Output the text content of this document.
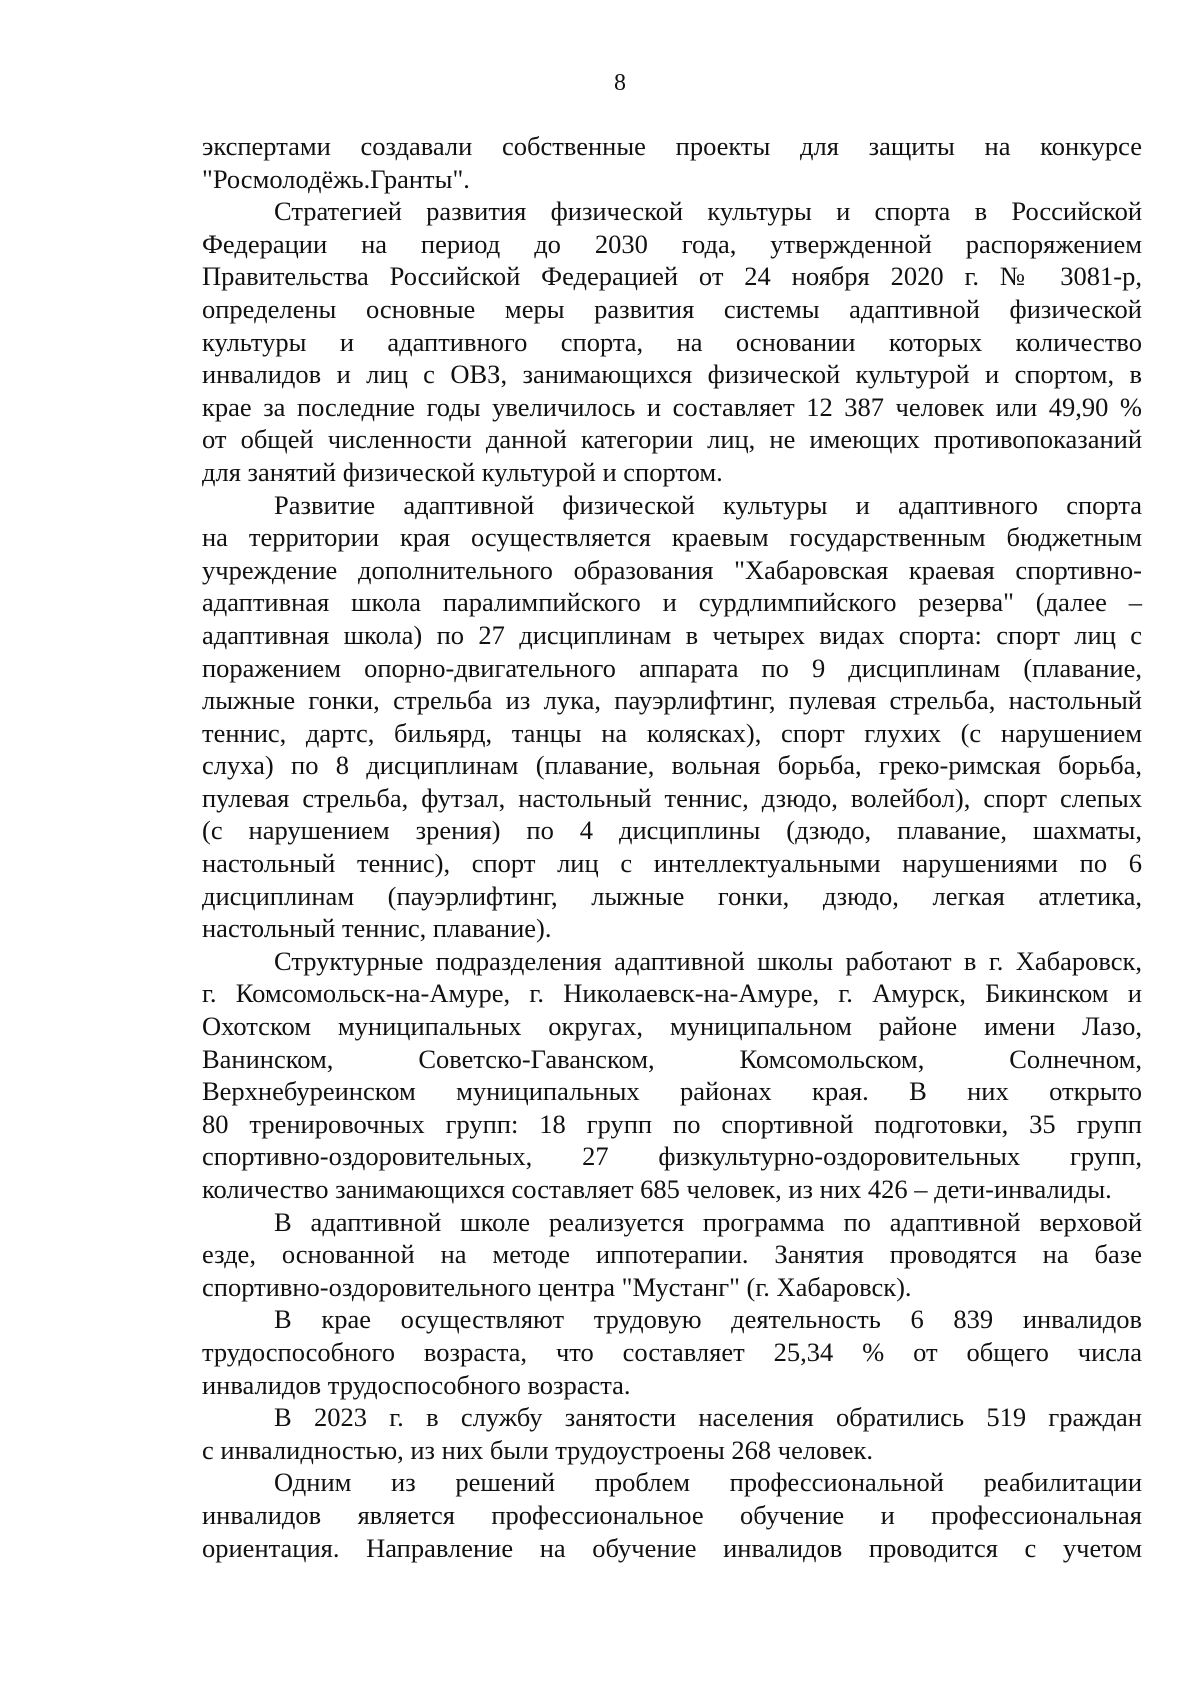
8
экспертами создавали собственные проекты для защиты на конкурсе
"Росмолодёжь.Гранты".
Стратегией развития физической культуры и спорта в Российской
Федерации на период до 2030 года, утвержденной распоряжением
Правительства Российской Федерацией от 24 ноября 2020 г. № 3081-р,
определены основные меры развития системы адаптивной физической
культуры и адаптивного спорта, на основании которых количество
инвалидов и лиц с ОВЗ, занимающихся физической культурой и спортом, в
крае за последние годы увеличилось и составляет 12 387 человек или 49,90 %
от общей численности данной категории лиц, не имеющих противопоказаний
для занятий физической культурой и спортом.
Развитие адаптивной физической культуры и адаптивного спорта
на территории края осуществляется краевым государственным бюджетным
учреждение дополнительного образования "Хабаровская краевая спортивно-
адаптивная школа паралимпийского и сурдлимпийского резерва" (далее –
адаптивная школа) по 27 дисциплинам в четырех видах спорта: спорт лиц с
поражением опорно-двигательного аппарата по 9 дисциплинам (плавание,
лыжные гонки, стрельба из лука, пауэрлифтинг, пулевая стрельба, настольный
теннис, дартс, бильярд, танцы на колясках), спорт глухих (с нарушением
слуха) по 8 дисциплинам (плавание, вольная борьба, греко-римская борьба,
пулевая стрельба, футзал, настольный теннис, дзюдо, волейбол), спорт слепых
(с нарушением зрения) по 4 дисциплины (дзюдо, плавание, шахматы,
настольный теннис), спорт лиц с интеллектуальными нарушениями по 6
дисциплинам (пауэрлифтинг, лыжные гонки, дзюдо, легкая атлетика,
настольный теннис, плавание).
Структурные подразделения адаптивной школы работают в г. Хабаровск,
г. Комсомольск-на-Амуре, г. Николаевск-на-Амуре, г. Амурск, Бикинском и
Охотском муниципальных округах, муниципальном районе имени Лазо,
Ванинском, Советско-Гаванском, Комсомольском, Солнечном,
Верхнебуреинском муниципальных районах края. В них открыто
80 тренировочных групп: 18 групп по спортивной подготовки, 35 групп
спортивно-оздоровительных, 27 физкультурно-оздоровительных групп,
количество занимающихся составляет 685 человек, из них 426 – дети-инвалиды.
В адаптивной школе реализуется программа по адаптивной верховой
езде, основанной на методе иппотерапии. Занятия проводятся на базе
спортивно-оздоровительного центра "Мустанг" (г. Хабаровск).
В крае осуществляют трудовую деятельность 6 839 инвалидов
трудоспособного возраста, что составляет 25,34 % от общего числа
инвалидов трудоспособного возраста.
В 2023 г. в службу занятости населения обратились 519 граждан
с инвалидностью, из них были трудоустроены 268 человек.
Одним из решений проблем профессиональной реабилитации
инвалидов является профессиональное обучение и профессиональная
ориентация. Направление на обучение инвалидов проводится с учетом
